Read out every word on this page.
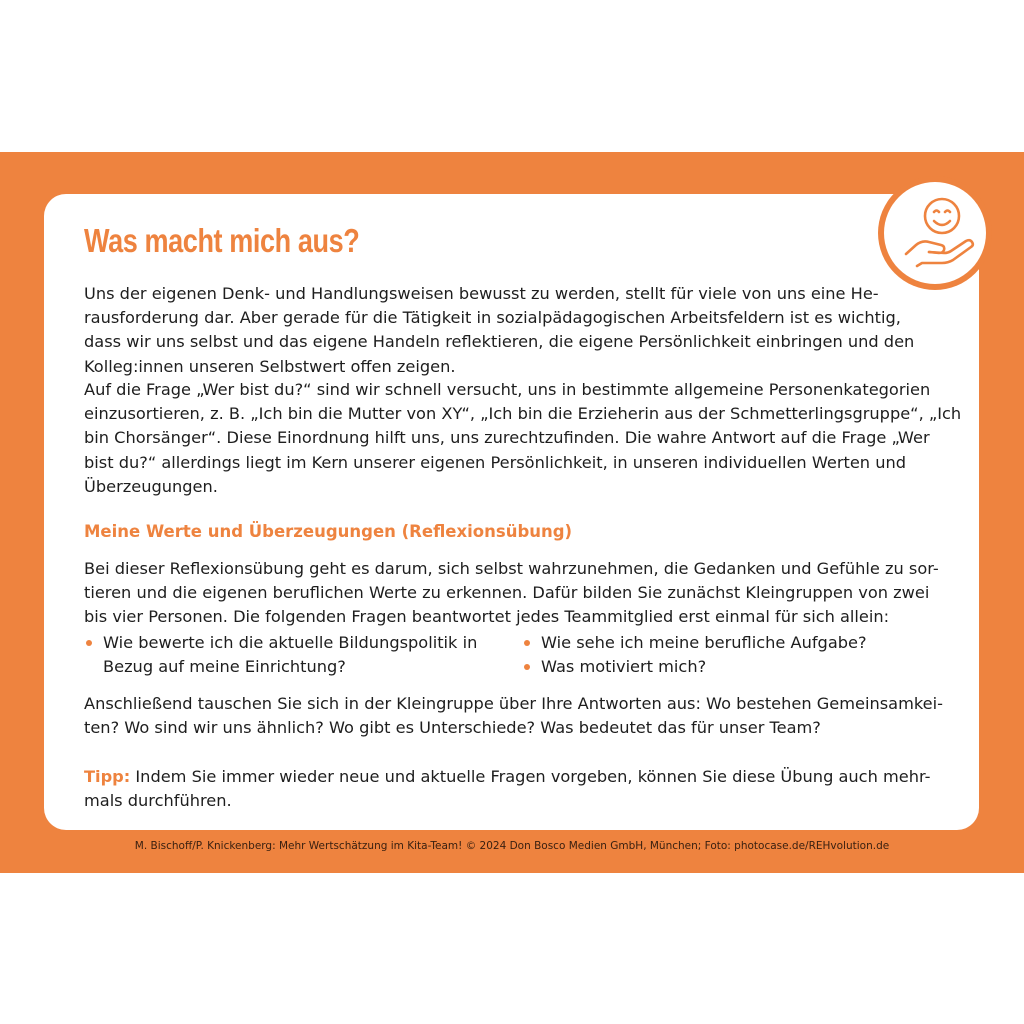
Was macht mich aus?
Uns der eigenen Denk- und Handlungsweisen bewusst zu werden, stellt für viele von uns eine He-
rausforderung dar. Aber gerade für die Tätigkeit in sozialpädagogischen Arbeitsfeldern ist es wichtig,
dass wir uns selbst und das eigene Handeln reflektieren, die eigene Persönlichkeit einbringen und den
Kolleg:innen unseren Selbstwert offen zeigen.
Auf die Frage „Wer bist du?“ sind wir schnell versucht, uns in bestimmte allgemeine Personenkategorien
einzusortieren, z. B. „Ich bin die Mutter von XY“, „Ich bin die Erzieherin aus der Schmetterlingsgruppe“, „Ich
bin Chorsänger“. Diese Einordnung hilft uns, uns zurechtzufinden. Die wahre Antwort auf die Frage „Wer
bist du?“ allerdings liegt im Kern unserer eigenen Persönlichkeit, in unseren individuellen Werten und
Überzeugungen.
Meine Werte und Überzeugungen (Reflexionsübung)
Bei dieser Reflexionsübung geht es darum, sich selbst wahrzunehmen, die Gedanken und Gefühle zu sor-
tieren und die eigenen beruflichen Werte zu erkennen. Dafür bilden Sie zunächst Kleingruppen von zwei
bis vier Personen. Die folgenden Fragen beantwortet jedes Teammitglied erst einmal für sich allein:
Wie bewerte ich die aktuelle Bildungspolitik in
Bezug auf meine Einrichtung?
Wie sehe ich meine berufliche Aufgabe?
Was motiviert mich?
Anschließend tauschen Sie sich in der Kleingruppe über Ihre Antworten aus: Wo bestehen Gemeinsamkei-
ten? Wo sind wir uns ähnlich? Wo gibt es Unterschiede? Was bedeutet das für unser Team?
Tipp: Indem Sie immer wieder neue und aktuelle Fragen vorgeben, können Sie diese Übung auch mehr-
mals durchführen.
M. Bischoff/P. Knickenberg: Mehr Wertschätzung im Kita-Team! © 2024 Don Bosco Medien GmbH, München; Foto: photocase.de/REHvolution.de
